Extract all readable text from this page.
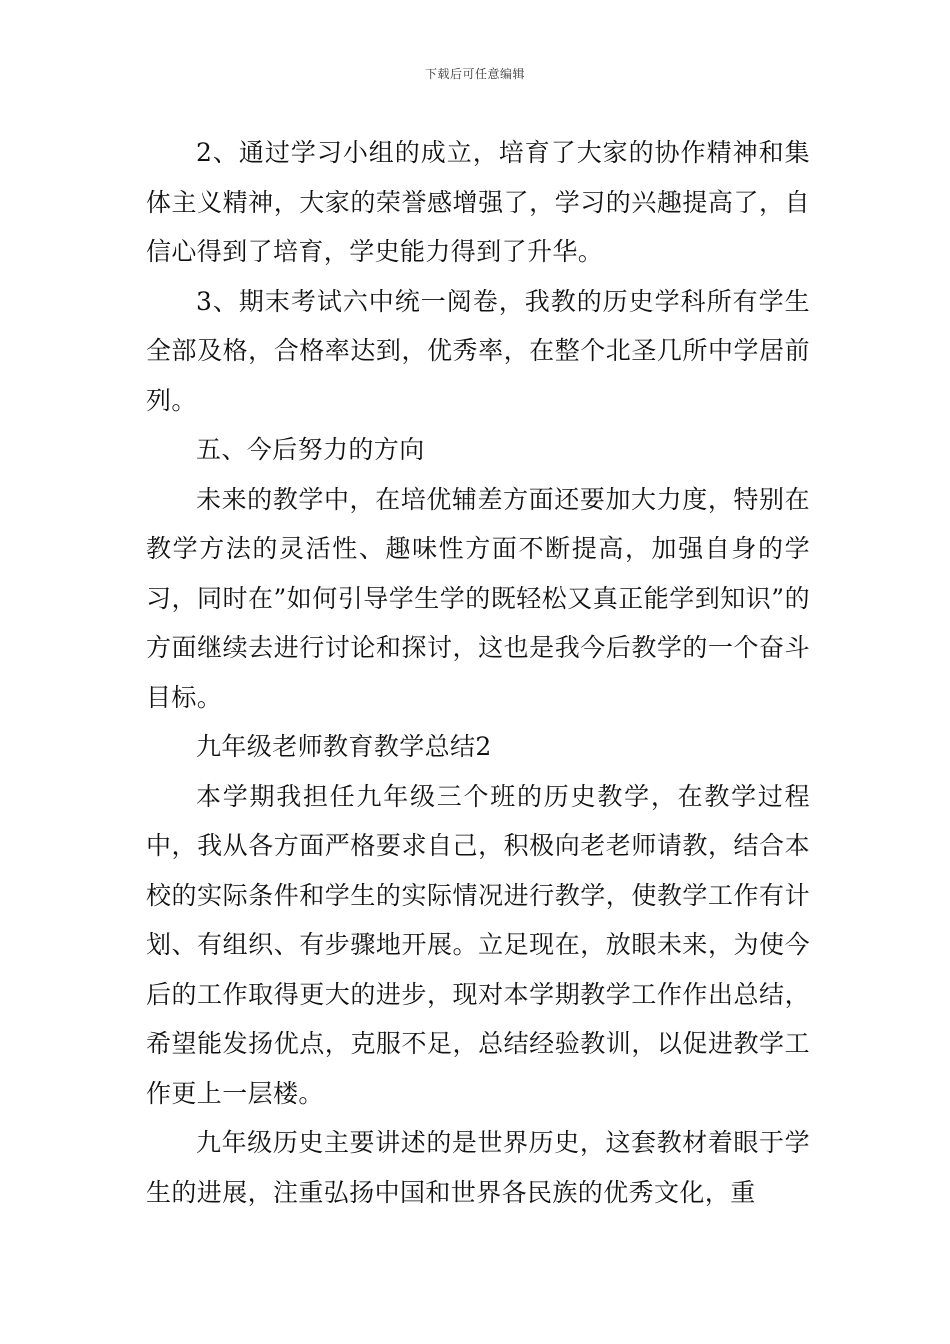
下载后可任意编辑

2、通过学习小组的成立，培育了大家的协作精神和集体主义精神，大家的荣誉感增强了，学习的兴趣提高了，自信心得到了培育，学史能力得到了升华。

3、期末考试六中统一阅卷，我教的历史学科所有学生全部及格，合格率达到，优秀率，在整个北圣几所中学居前列。

五、今后努力的方向

未来的教学中，在培优辅差方面还要加大力度，特别在教学方法的灵活性、趣味性方面不断提高，加强自身的学习，同时在”如何引导学生学的既轻松又真正能学到知识”的方面继续去进行讨论和探讨，这也是我今后教学的一个奋斗目标。

九年级老师教育教学总结2

本学期我担任九年级三个班的历史教学，在教学过程中，我从各方面严格要求自己，积极向老老师请教，结合本校的实际条件和学生的实际情况进行教学，使教学工作有计划、有组织、有步骤地开展。立足现在，放眼未来，为使今后的工作取得更大的进步，现对本学期教学工作作出总结，希望能发扬优点，克服不足，总结经验教训，以促进教学工作更上一层楼。

九年级历史主要讲述的是世界历史，这套教材着眼于学生的进展，注重弘扬中国和世界各民族的优秀文化，重
